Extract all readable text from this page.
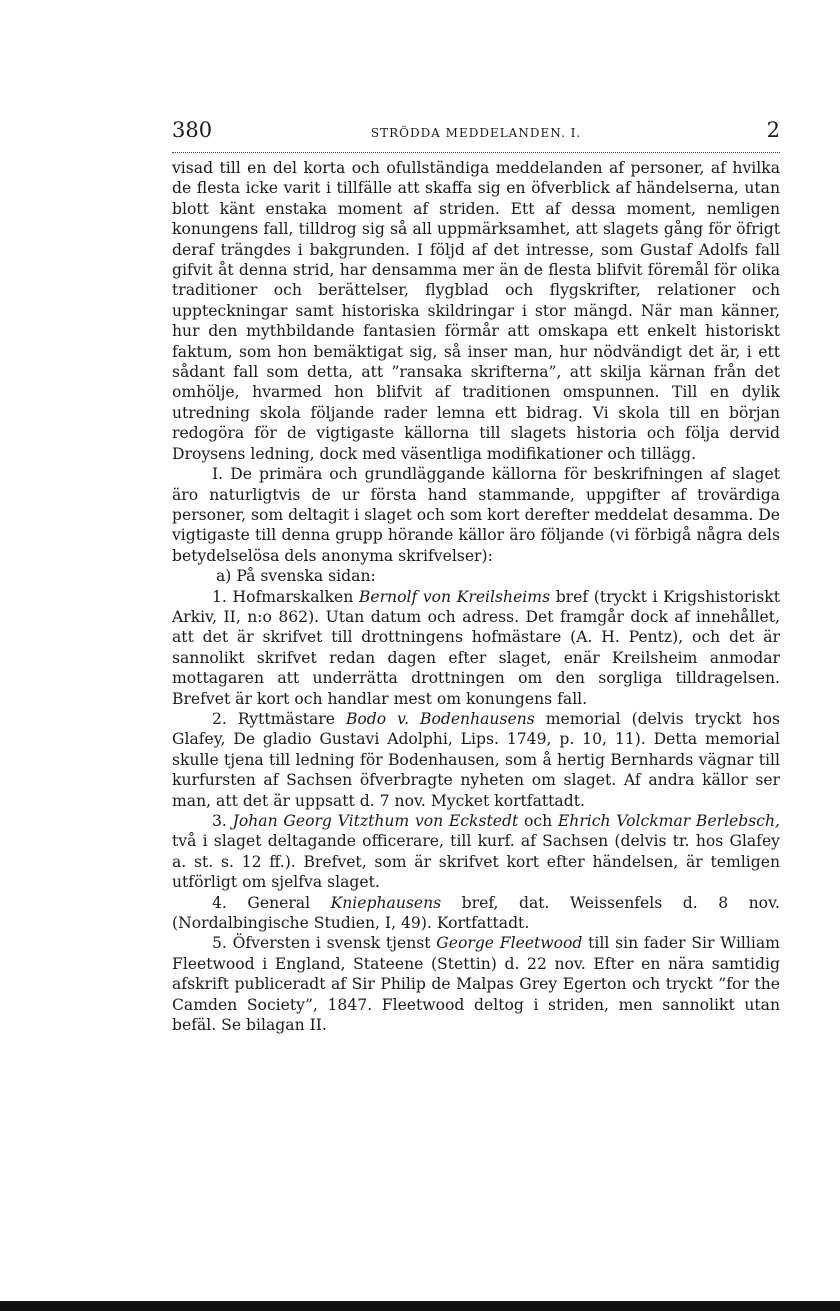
380	STRÖDDA MEDDELANDEN. I.	2

visad till en del korta och ofullständiga meddelanden af personer, af hvilka de flesta icke varit i tillfälle att skaffa sig en öfverblick af händelserna, utan blott känt enstaka moment af striden. Ett af dessa moment, nemligen konungens fall, tilldrog sig så all uppmärksamhet, att slagets gång för öfrigt deraf trängdes i bakgrunden. I följd af det intresse, som Gustaf Adolfs fall gifvit åt denna strid, har densamma mer än de flesta blifvit föremål för olika traditioner och berättelser, flygblad och flygskrifter, relationer och uppteckningar samt historiska skildringar i stor mängd. När man känner, hur den mythbildande fantasien förmår att omskapa ett enkelt historiskt faktum, som hon bemäktigat sig, så inser man, hur nödvändigt det är, i ett sådant fall som detta, att ”ransaka skrifterna”, att skilja kärnan från det omhölje, hvarmed hon blifvit af traditionen omspunnen. Till en dylik utredning skola följande rader lemna ett bidrag. Vi skola till en början redogöra för de vigtigaste källorna till slagets historia och följa dervid Droysens ledning, dock med väsentliga modifikationer och tillägg.

I. De primära och grundläggande källorna för beskrifningen af slaget äro naturligtvis de ur första hand stammande, uppgifter af trovärdiga personer, som deltagit i slaget och som kort derefter meddelat desamma. De vigtigaste till denna grupp hörande källor äro följande (vi förbigå några dels betydelselösa dels anonyma skrifvelser):

a) På svenska sidan:

1. Hofmarskalken Bernolf von Kreilsheims bref (tryckt i Krigshistoriskt Arkiv, II, n:o 862). Utan datum och adress. Det framgår dock af innehållet, att det är skrifvet till drottningens hofmästare (A. H. Pentz), och det är sannolikt skrifvet redan dagen efter slaget, enär Kreilsheim anmodar mottagaren att underrätta drottningen om den sorgliga tilldragelsen. Brefvet är kort och handlar mest om konungens fall.

2. Ryttmästare Bodo v. Bodenhausens memorial (delvis tryckt hos Glafey, De gladio Gustavi Adolphi, Lips. 1749, p. 10, 11). Detta memorial skulle tjena till ledning för Bodenhausen, som å hertig Bernhards vägnar till kurfursten af Sachsen öfverbragte nyheten om slaget. Af andra källor ser man, att det är uppsatt d. 7 nov. Mycket kortfattadt.

3. Johan Georg Vitzthum von Eckstedt och Ehrich Volckmar Berlebsch, två i slaget deltagande officerare, till kurf. af Sachsen (delvis tr. hos Glafey a. st. s. 12 ff.). Brefvet, som är skrifvet kort efter händelsen, är temligen utförligt om sjelfva slaget.

4. General Kniephausens bref, dat. Weissenfels d. 8 nov. (Nordalbingische Studien, I, 49). Kortfattadt.

5. Öfversten i svensk tjenst George Fleetwood till sin fader Sir William Fleetwood i England, Stateene (Stettin) d. 22 nov. Efter en nära samtidig afskrift publiceradt af Sir Philip de Malpas Grey Egerton och tryckt ”for the Camden Society”, 1847. Fleetwood deltog i striden, men sannolikt utan befäl. Se bilagan II.
